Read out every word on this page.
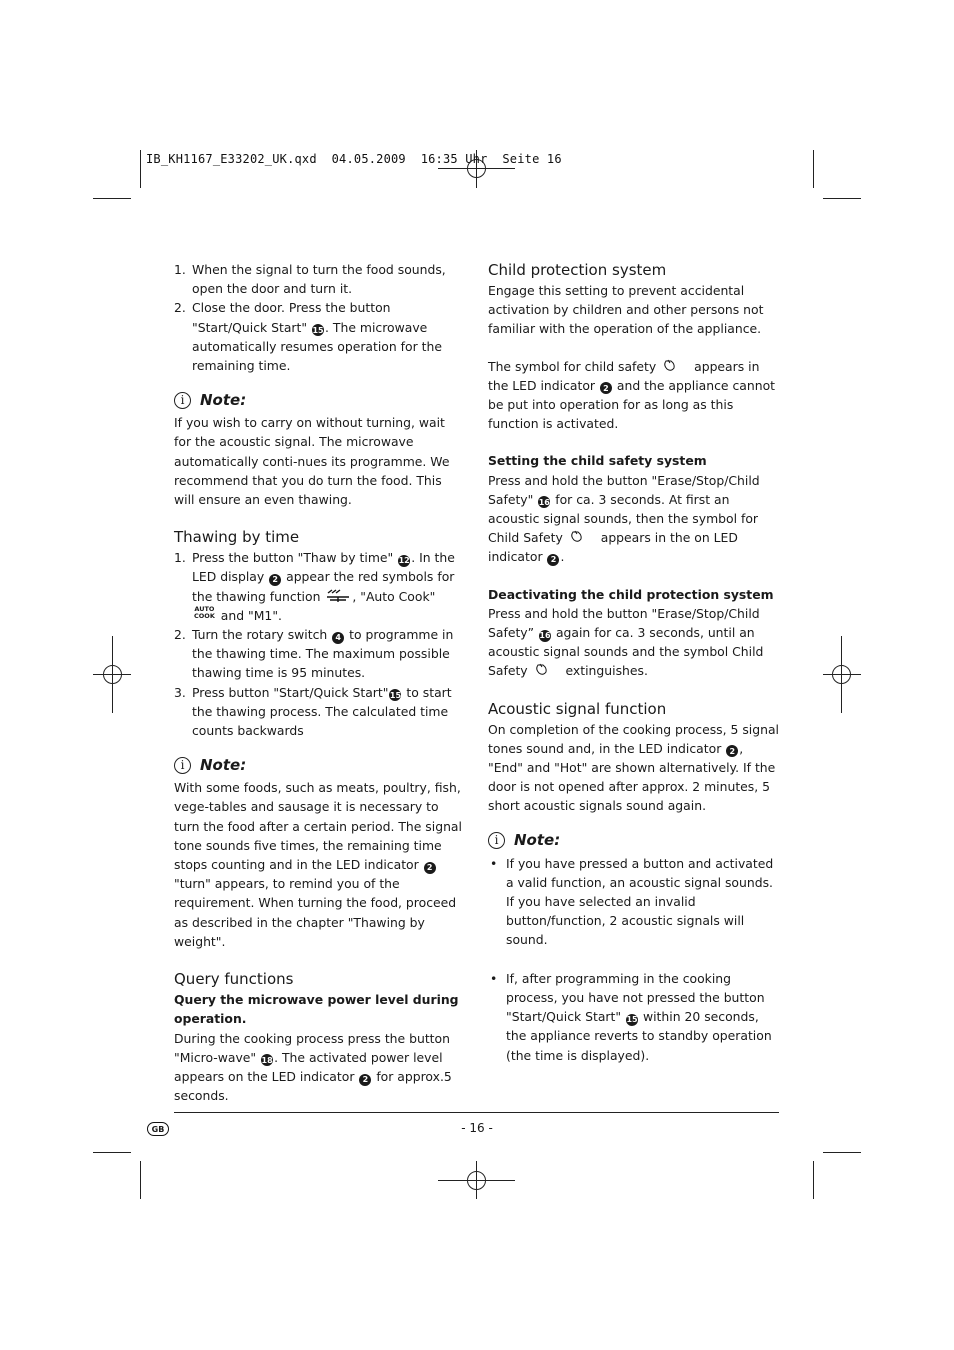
IB_KH1167_E33202_UK.qxd  04.05.2009  16:35 Uhr  Seite 16
1. When the signal to turn the food sounds, open the door and turn it.
2. Close the door. Press the button "Start/Quick Start" 15. The microwave automatically resumes operation for the remaining time.
i	Note:

If you wish to carry on without turning, wait for the acoustic signal. The microwave automatically conti-nues its programme. We recommend that you do turn the food. This will ensure an even thawing.

Thawing by time
1. Press the button "Thaw by time" 12. In the LED display 2 appear the red symbols for the thawing function , "Auto Cook" AUTO
COOK and "M1".
2. Turn the rotary switch 4 to programme in the thawing time. The maximum possible thawing time is 95 minutes.
3. Press button "Start/Quick Start"15 to start the thawing process. The calculated time counts backwards
i	Note:

With some foods, such as meats, poultry, fish, vege-tables and sausage it is necessary to turn the food after a certain period. The signal tone sounds five times, the remaining time stops counting and in the LED indicator 2 "turn" appears, to remind you of the requirement. When turning the food, proceed as described in the chapter "Thawing by weight".

Query functions
Query the microwave power level during operation.

During the cooking process press the button "Micro-wave" 18. The activated power level appears on the LED indicator 2 for approx.5 seconds.

Child protection system

Engage this setting to prevent accidental activation by children and other persons not familiar with the operation of the appliance.

The symbol for child safety  appears in the LED indicator 2 and the appliance cannot be put into operation for as long as this function is activated.

Setting the child safety system

Press and hold the button "Erase/Stop/Child Safety" 16 for ca. 3 seconds. At first an acoustic signal sounds, then the symbol for Child Safety  appears in the on LED indicator 2 .

Deactivating the child protection system

Press and hold the button "Erase/Stop/Child Safety” 16 again for ca. 3 seconds, until an acoustic signal sounds and the symbol Child Safety  extinguishes.

Acoustic signal function

On completion of the cooking process, 5 signal tones sound and, in the LED indicator 2 , "End" and "Hot" are shown alternatively. If the door is not opened after approx. 2 minutes, 5 short acoustic signals sound again.

i	Note:
• If you have pressed a button and activated a valid function, an acoustic signal sounds. If you have selected an invalid button/function, 2 acoustic signals will sound.
• If, after programming in the cooking process, you have not pressed the button "Start/Quick Start" 15 within 20 seconds, the appliance reverts to standby operation (the time is displayed).
GB	- 16 -
